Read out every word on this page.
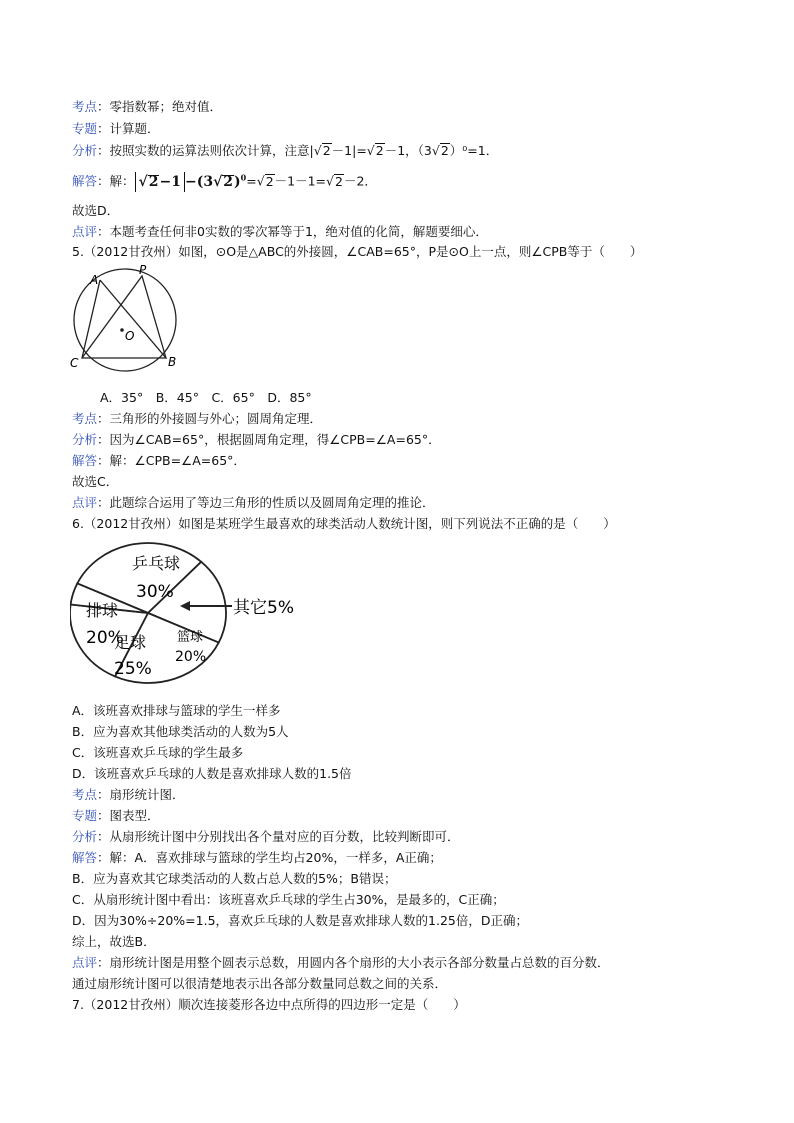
考点：零指数幂；绝对值．
专题：计算题．
分析：按照实数的运算法则依次计算，注意|√2－1|=√2－1，（3√2）⁰=1．
解答：解： $√2-1 -(3√2)^0=√2-1-1=√2-2$．
故选D．
点评：本题考查任何非0实数的零次幂等于1，绝对值的化简，解题要细心．
5.（2012甘孜州）如图，⊙O是△ABC的外接圆，∠CAB=65°，P是⊙O上一点，则∠CPB等于（　　）
A
P
C	B
O
A．35°　B．45°　C．65°　D．85°
考点：三角形的外接圆与外心；圆周角定理．
分析：因为∠CAB=65°，根据圆周角定理，得∠CPB=∠A=65°．
解答：解：∠CPB=∠A=65°．
故选C．
点评：此题综合运用了等边三角形的性质以及圆周角定理的推论．
6.（2012甘孜州）如图是某班学生最喜欢的球类活动人数统计图，则下列说法不正确的是（　　）
乒乓球
30%
排球
20%
足球
25%
篮球
20%
其它5%
A．该班喜欢排球与篮球的学生一样多
B．应为喜欢其他球类活动的人数为5人
C．该班喜欢乒乓球的学生最多
D．该班喜欢乒乓球的人数是喜欢排球人数的1.5倍
考点：扇形统计图．
专题：图表型．
分析：从扇形统计图中分别找出各个量对应的百分数，比较判断即可．
解答：解：A．喜欢排球与篮球的学生均占20%，一样多，A正确；
B．应为喜欢其它球类活动的人数占总人数的5%；B错误；
C．从扇形统计图中看出：该班喜欢乒乓球的学生占30%，是最多的，C正确；
D．因为30%÷20%=1.5，喜欢乒乓球的人数是喜欢排球人数的1.25倍，D正确；
综上，故选B．
点评：扇形统计图是用整个圆表示总数，用圆内各个扇形的大小表示各部分数量占总数的百分数．
通过扇形统计图可以很清楚地表示出各部分数量同总数之间的关系．
7.（2012甘孜州）顺次连接菱形各边中点所得的四边形一定是（　　）
